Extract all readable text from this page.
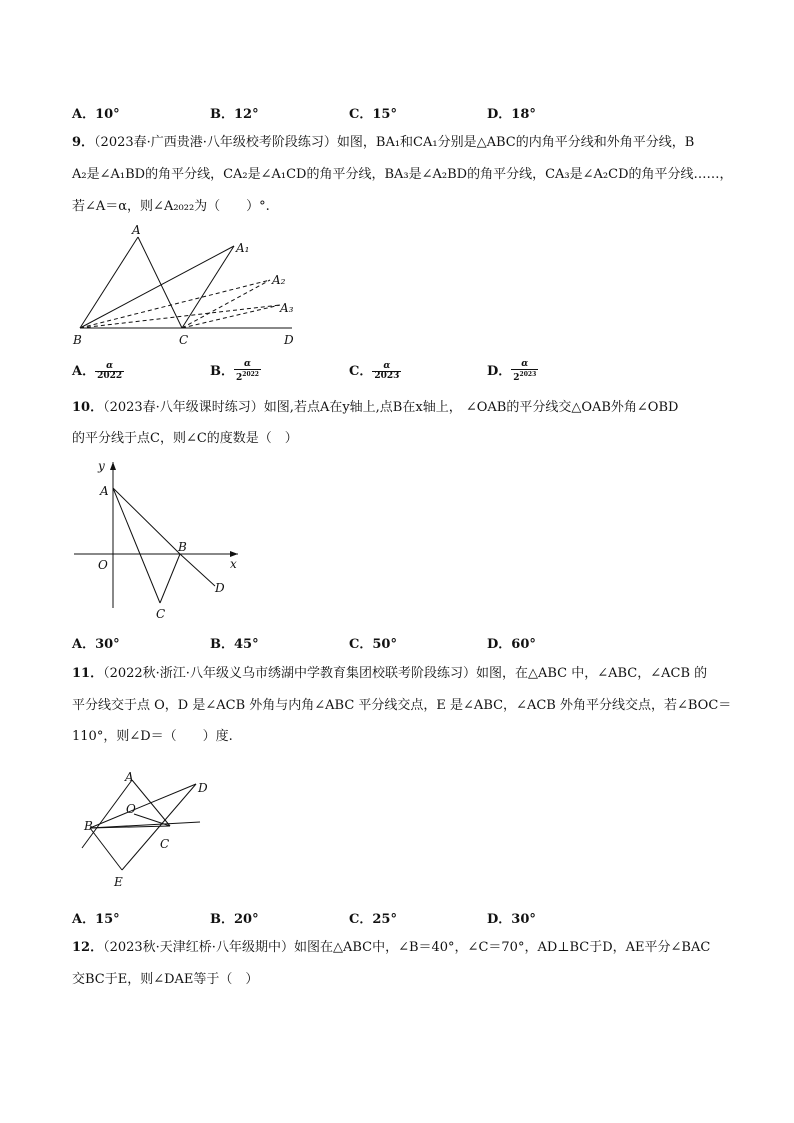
A．10°	B．12°	C．15°	D．18°
9．（2023春·广西贵港·八年级校考阶段练习）如图，BA₁和CA₁分别是△ABC的内角平分线和外角平分线，B
A₂是∠A₁BD的角平分线，CA₂是∠A₁CD的角平分线，BA₃是∠A₂BD的角平分线，CA₃是∠A₂CD的角平分线……，
若∠A＝α，则∠A₂₀₂₂为（　　）°.
A
A₁
A₂
A₃
B	C	D
A． $\frac{\alpha}{2022}$	B． $\frac{\alpha}{2^{2022}}$	C． $\frac{\alpha}{2023}$	D． $\frac{\alpha}{2^{2023}}$
10．（2023春·八年级课时练习）如图,若点A在y轴上,点B在x轴上， ∠OAB的平分线交△OAB外角∠OBD
的平分线于点C，则∠C的度数是（　）
y
x
A
B
O
C
D
A．30°	B．45°	C．50°	D．60°
11．（2022秋·浙江·八年级义乌市绣湖中学教育集团校联考阶段练习）如图，在△ABC 中，∠ABC，∠ACB 的
平分线交于点 O，D 是∠ACB 外角与内角∠ABC 平分线交点，E 是∠ABC，∠ACB 外角平分线交点，若∠BOC＝
110°，则∠D＝（　　）度.
A
D
O
B
C
E
A．15°	B．20°	C．25°	D．30°
12．（2023秋·天津红桥·八年级期中）如图在△ABC中，∠B＝40°，∠C＝70°，AD⊥BC于D，AE平分∠BAC
交BC于E，则∠DAE等于（　）
